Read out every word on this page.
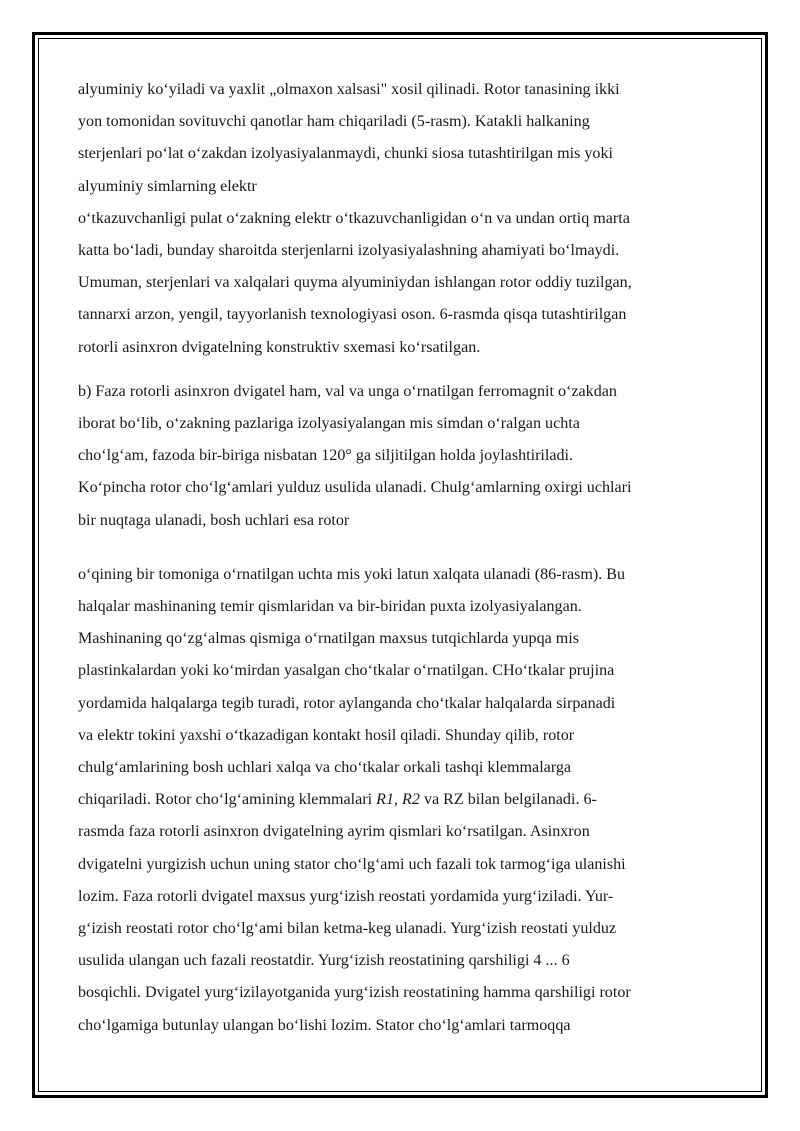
alyuminiy ko‘yiladi va yaxlit „olmaxon xalsasi" xosil qilinadi. Rotor tanasining ikki
yon tomonidan sovituvchi qanotlar ham chiqariladi (5-rasm). Katakli halkaning
sterjenlari po‘lat o‘zakdan izolyasiyalanmaydi, chunki siosa tutashtirilgan mis yoki
alyuminiy simlarning elektr
o‘tkazuvchanligi pulat o‘zakning elektr o‘tkazuvchanligidan o‘n va undan ortiq marta
katta bo‘ladi, bunday sharoitda sterjenlarni izolyasiyalashning ahamiyati bo‘lmaydi.
Umuman, sterjenlari va xalqalari quyma alyuminiydan ishlangan rotor oddiy tuzilgan,
tannarxi arzon, yengil, tayyorlanish texnologiyasi oson. 6-rasmda qisqa tutashtirilgan
rotorli asinxron dvigatelning konstruktiv sxemasi ko‘rsatilgan.

b) Faza rotorli asinxron dvigatel ham, val va unga o‘rnatilgan ferromagnit o‘zakdan
iborat bo‘lib, o‘zakning pazlariga izolyasiyalangan mis simdan o‘ralgan uchta
cho‘lg‘am, fazoda bir-biriga nisbatan 120° ga siljitilgan holda joylashtiriladi.
Ko‘pincha rotor cho‘lg‘amlari yulduz usulida ulanadi. Chulg‘amlarning oxirgi uchlari
bir nuqtaga ulanadi, bosh uchlari esa rotor

o‘qining bir tomoniga o‘rnatilgan uchta mis yoki latun xalqata ulanadi (86-rasm). Bu
halqalar mashinaning temir qismlaridan va bir-biridan puxta izolyasiyalangan.
Mashinaning qo‘zg‘almas qismiga o‘rnatilgan maxsus tutqichlarda yupqa mis
plastinkalardan yoki ko‘mirdan yasalgan cho‘tkalar o‘rnatilgan. CHo‘tkalar prujina
yordamida halqalarga tegib turadi, rotor aylanganda cho‘tkalar halqalarda sirpanadi
va elektr tokini yaxshi o‘tkazadigan kontakt hosil qiladi. Shunday qilib, rotor
chulg‘amlarining bosh uchlari xalqa va cho‘tkalar orkali tashqi klemmalarga
chiqariladi. Rotor cho‘lg‘amining klemmalari R1, R2 va RZ bilan belgilanadi. 6-
rasmda faza rotorli asinxron dvigatelning ayrim qismlari ko‘rsatilgan. Asinxron
dvigatelni yurgizish uchun uning stator cho‘lg‘ami uch fazali tok tarmog‘iga ulanishi
lozim. Faza rotorli dvigatel maxsus yurg‘izish reostati yordamida yurg‘iziladi. Yur-
g‘izish reostati rotor cho‘lg‘ami bilan ketma-keg ulanadi. Yurg‘izish reostati yulduz
usulida ulangan uch fazali reostatdir. Yurg‘izish reostatining qarshiligi 4 ... 6
bosqichli. Dvigatel yurg‘izilayotganida yurg‘izish reostatining hamma qarshiligi rotor
cho‘lgamiga butunlay ulangan bo‘lishi lozim. Stator cho‘lg‘amlari tarmoqqa
